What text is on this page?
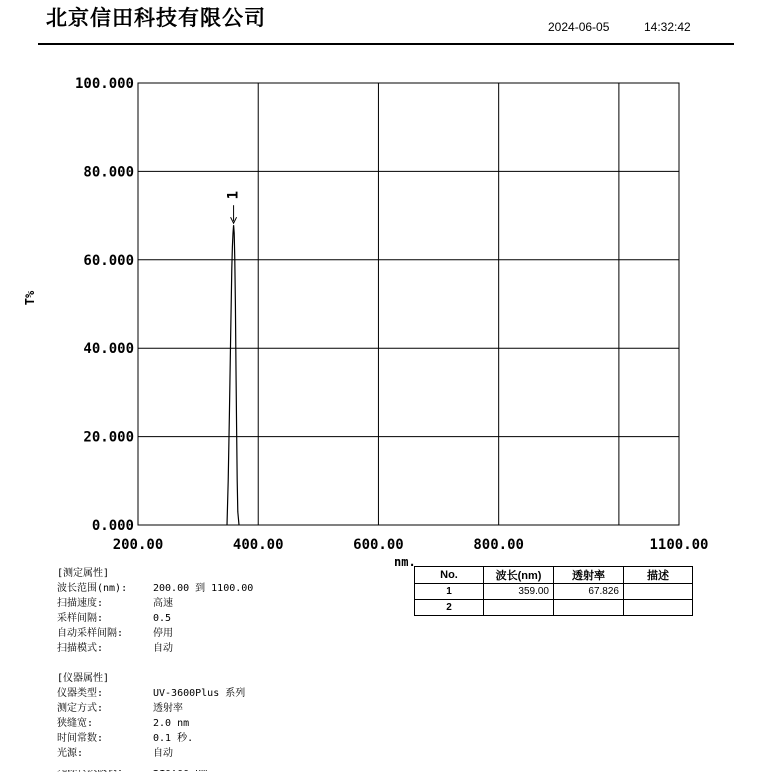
北京信田科技有限公司	2024-06-05	14:32:42
100.000
80.000
60.000
40.000
20.000
0.000
200.00	400.00	600.00	800.00	1100.00
1
T%
nm.
No.	波长(nm)	透射率	描述
1	359.00	67.826	
2			
[测定属性]
波长范围(nm):	200.00 到 1100.00
扫描速度:	高速
采样间隔:	0.5
自动采样间隔:	停用
扫描模式:	自动
[仪器属性]
仪器类型:	UV-3600Plus 系列
测定方式:	透射率
狭缝宽:	2.0 nm
时间常数:	0.1 秒.
光源:	自动
